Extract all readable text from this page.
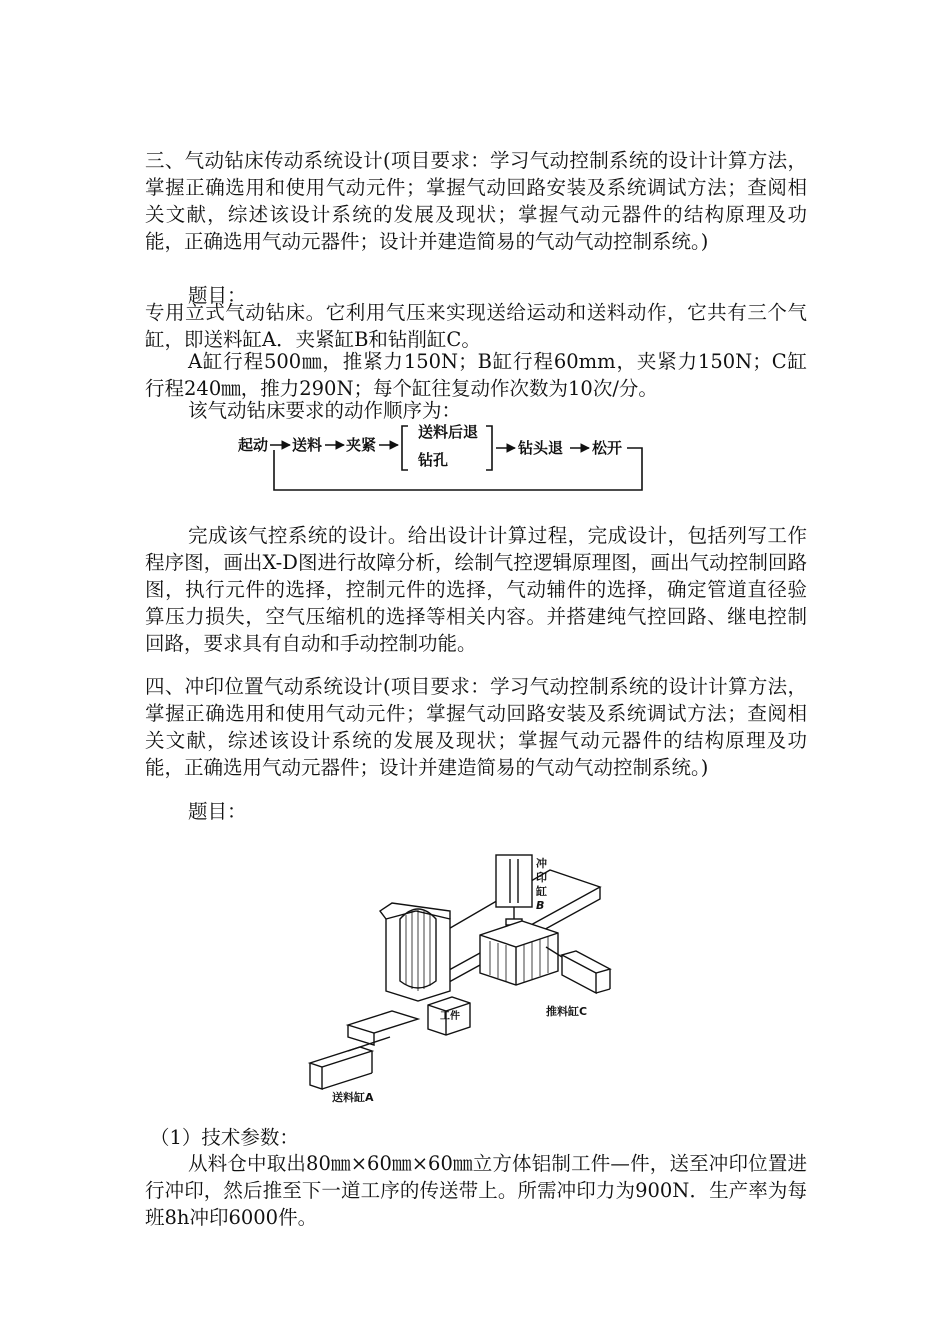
三、气动钻床传动系统设计(项目要求：学习气动控制系统的设计计算方法，掌握正确选用和使用气动元件；掌握气动回路安装及系统调试方法；查阅相关文献，综述该设计系统的发展及现状；掌握气动元器件的结构原理及功能，正确选用气动元器件；设计并建造简易的气动气动控制系统。)
题目：
专用立式气动钻床。它利用气压来实现送给运动和送料动作，它共有三个气缸，即送料缸A．夹紧缸B和钻削缸C。
A缸行程500㎜，推紧力150N；B缸行程60mm，夹紧力150N；C缸行程240㎜，推力290N；每个缸往复动作次数为10次/分。
该气动钻床要求的动作顺序为：
起动 送料 夹紧
送料后退
钻孔
钻头退 松开
完成该气控系统的设计。给出设计计算过程，完成设计，包括列写工作程序图，画出X-D图进行故障分析，绘制气控逻辑原理图，画出气动控制回路图，执行元件的选择，控制元件的选择，气动辅件的选择，确定管道直径验算压力损失，空气压缩机的选择等相关内容。并搭建纯气控回路、继电控制回路，要求具有自动和手动控制功能。
四、冲印位置气动系统设计(项目要求：学习气动控制系统的设计计算方法，掌握正确选用和使用气动元件；掌握气动回路安装及系统调试方法；查阅相关文献，综述该设计系统的发展及现状；掌握气动元器件的结构原理及功能，正确选用气动元器件；设计并建造简易的气动气动控制系统。)
题目：
冲
印
缸
B
工件	推料缸C
送料缸A
（1）技术参数：
从料仓中取出80㎜×60㎜×60㎜立方体铝制工件—件，送至冲印位置进行冲印，然后推至下一道工序的传送带上。所需冲印力为900N．生产率为每班8h冲印6000件。
